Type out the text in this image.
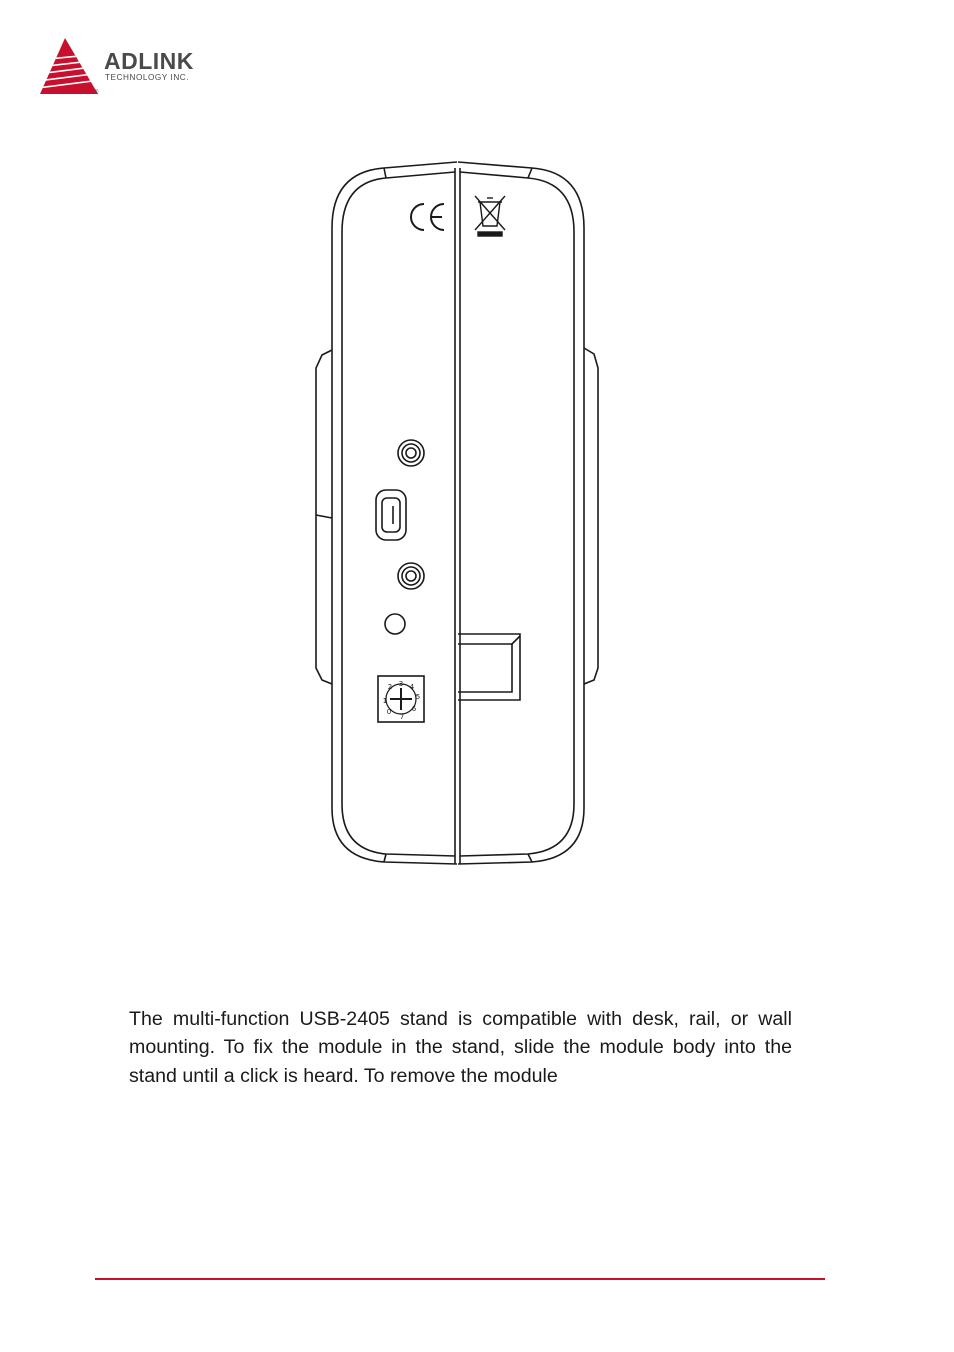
ADLINK
TECHNOLOGY INC.
®
3 4
5
6
7
0
1
2

The multi-function USB-2405 stand is compatible with desk, rail, or wall mounting. To fix the module in the stand, slide the module body into the stand until a click is heard. To remove the module
